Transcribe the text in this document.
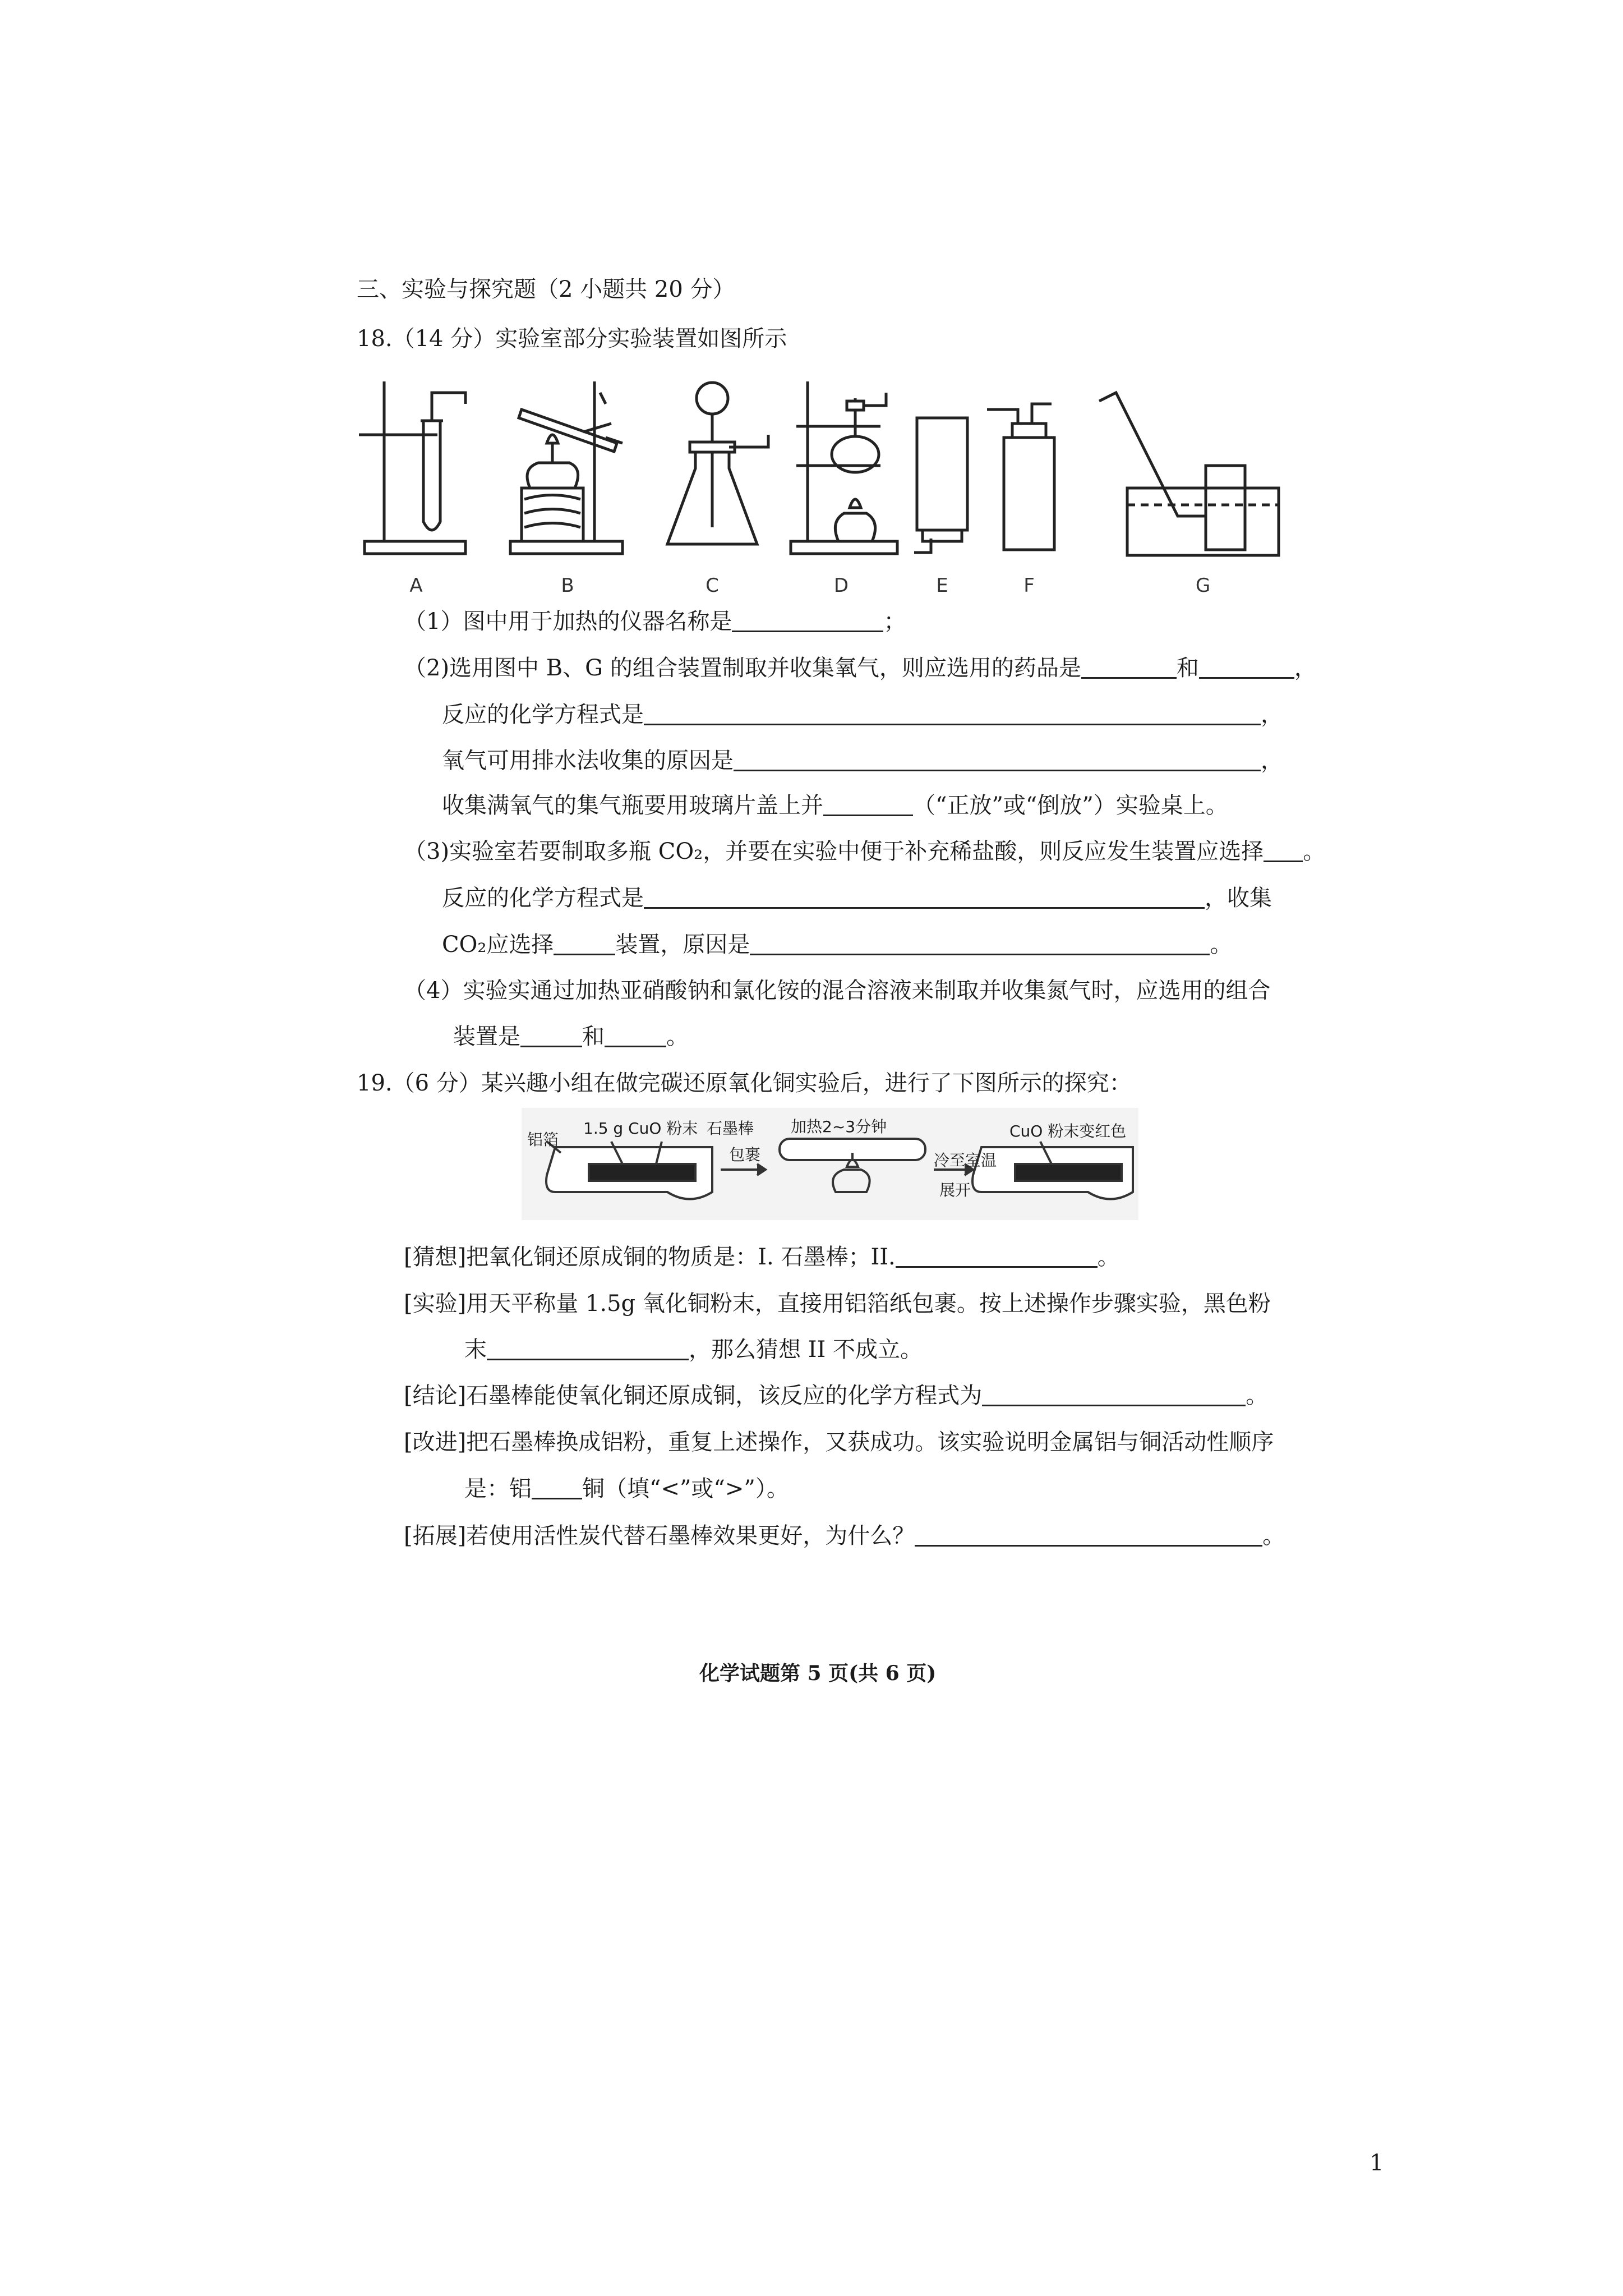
三、实验与探究题（2 小题共 20 分）
18.（14 分）实验室部分实验装置如图所示
A	B	C	D	E	F	G
（1）图中用于加热的仪器名称是	；
（2)选用图中 B、G 的组合装置制取并收集氧气，则应选用的药品是	和	，
反应的化学方程式是	，
氧气可用排水法收集的原因是	，
收集满氧气的集气瓶要用玻璃片盖上并	（“正放”或“倒放”）实验桌上。
（3)实验室若要制取多瓶 CO₂，并要在实验中便于补充稀盐酸，则反应发生装置应选择 。
反应的化学方程式是	，收集
CO₂应选择	装置，原因是	。
（4）实验实通过加热亚硝酸钠和氯化铵的混合溶液来制取并收集氮气时，应选用的组合
装置是	和	。
19.（6 分）某兴趣小组在做完碳还原氧化铜实验后，进行了下图所示的探究：
铝箔
1.5 g CuO 粉末 石墨棒
包裹
加热2~3分钟
冷至室温
展开
CuO 粉末变红色
[猜想]把氧化铜还原成铜的物质是：I. 石墨棒；II.	。
[实验]用天平称量 1.5g 氧化铜粉末，直接用铝箔纸包裹。按上述操作步骤实验，黑色粉
末	，那么猜想 II 不成立。
[结论]石墨棒能使氧化铜还原成铜，该反应的化学方程式为	。
[改进]把石墨棒换成铝粉，重复上述操作，又获成功。该实验说明金属铝与铜活动性顺序
是：铝 铜（填“<”或“>”）。
[拓展]若使用活性炭代替石墨棒效果更好，为什么？	。
化学试题第 5 页(共 6 页)
1
